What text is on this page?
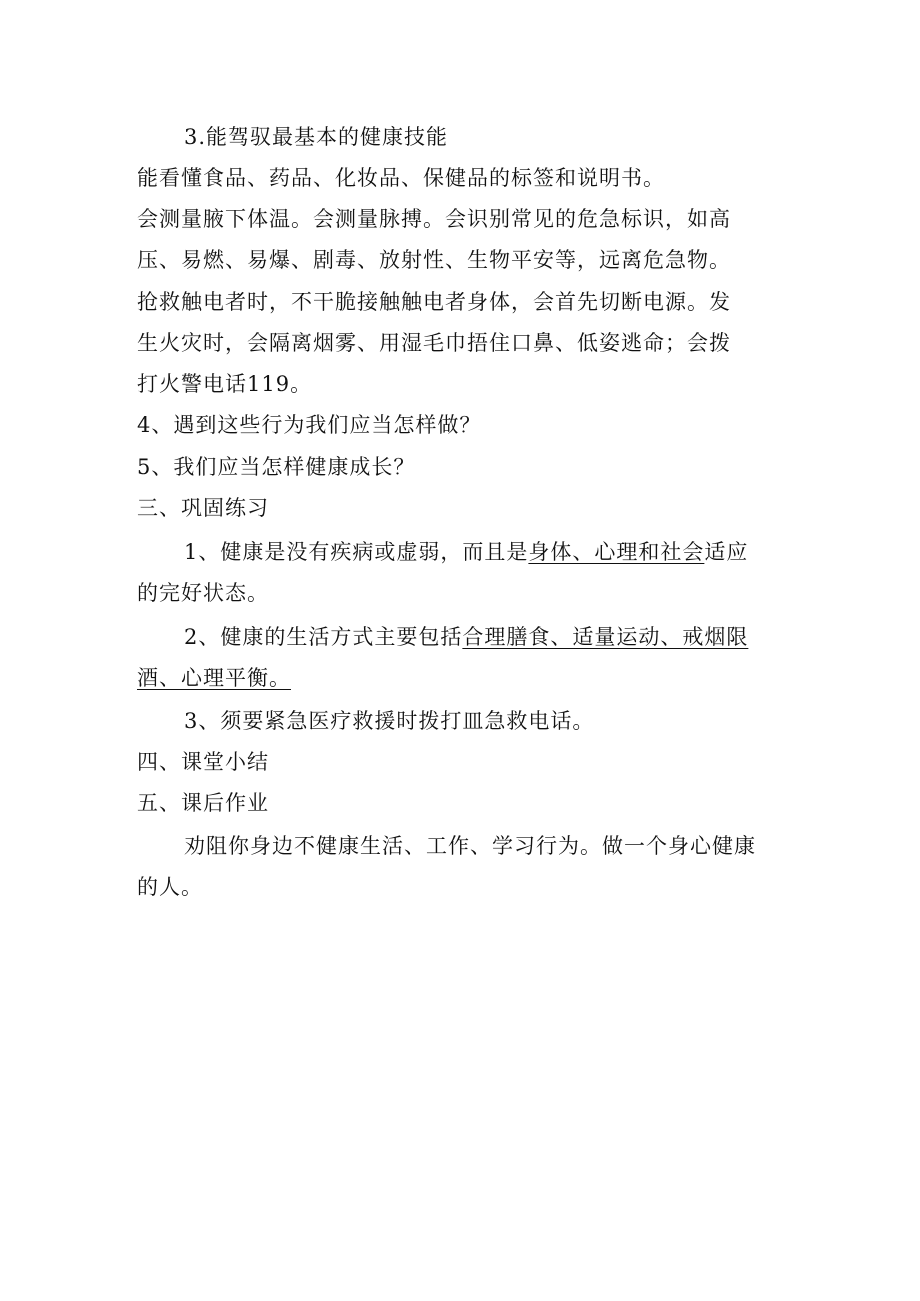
3.能驾驭最基本的健康技能
能看懂食品、药品、化妆品、保健品的标签和说明书。
会测量腋下体温。会测量脉搏。会识别常见的危急标识，如高
压、易燃、易爆、剧毒、放射性、生物平安等，远离危急物。
抢救触电者时，不干脆接触触电者身体，会首先切断电源。发
生火灾时，会隔离烟雾、用湿毛巾捂住口鼻、低姿逃命；会拨
打火警电话119。
4、遇到这些行为我们应当怎样做？
5、我们应当怎样健康成长？
三、巩固练习
1、健康是没有疾病或虚弱，而且是身体、心理和社会适应
的完好状态。
2、健康的生活方式主要包括合理膳食、适量运动、戒烟限
酒、心理平衡。
3、须要紧急医疗救援时拨打皿急救电话。
四、课堂小结
五、课后作业
劝阻你身边不健康生活、工作、学习行为。做一个身心健康
的人。
